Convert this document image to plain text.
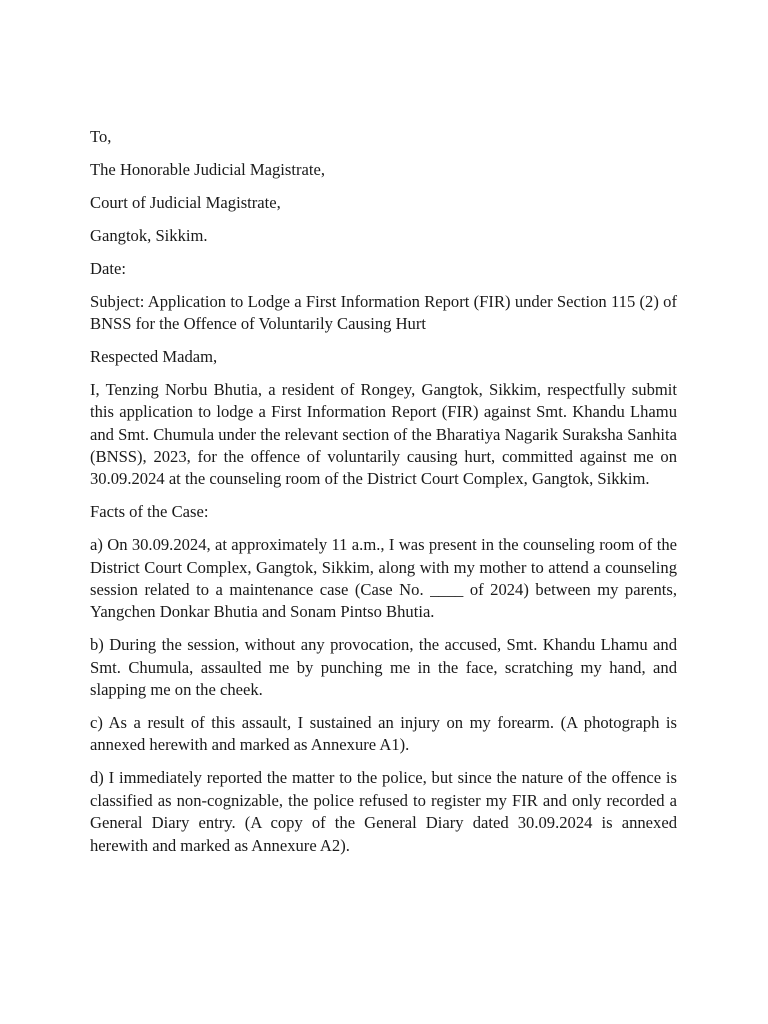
To,

The Honorable Judicial Magistrate,

Court of Judicial Magistrate,

Gangtok, Sikkim.

Date:

Subject: Application to Lodge a First Information Report (FIR) under Section 115 (2) of BNSS for the Offence of Voluntarily Causing Hurt

Respected Madam,

I, Tenzing Norbu Bhutia, a resident of Rongey, Gangtok, Sikkim, respectfully submit this application to lodge a First Information Report (FIR) against Smt. Khandu Lhamu and Smt. Chumula under the relevant section of the Bharatiya Nagarik Suraksha Sanhita (BNSS), 2023, for the offence of voluntarily causing hurt, committed against me on 30.09.2024 at the counseling room of the District Court Complex, Gangtok, Sikkim.

Facts of the Case:

a) On 30.09.2024, at approximately 11 a.m., I was present in the counseling room of the District Court Complex, Gangtok, Sikkim, along with my mother to attend a counseling session related to a maintenance case (Case No. ____ of 2024) between my parents, Yangchen Donkar Bhutia and Sonam Pintso Bhutia.

b) During the session, without any provocation, the accused, Smt. Khandu Lhamu and Smt. Chumula, assaulted me by punching me in the face, scratching my hand, and slapping me on the cheek.

c) As a result of this assault, I sustained an injury on my forearm. (A photograph is annexed herewith and marked as Annexure A1).

d) I immediately reported the matter to the police, but since the nature of the offence is classified as non-cognizable, the police refused to register my FIR and only recorded a General Diary entry. (A copy of the General Diary dated 30.09.2024 is annexed herewith and marked as Annexure A2).
